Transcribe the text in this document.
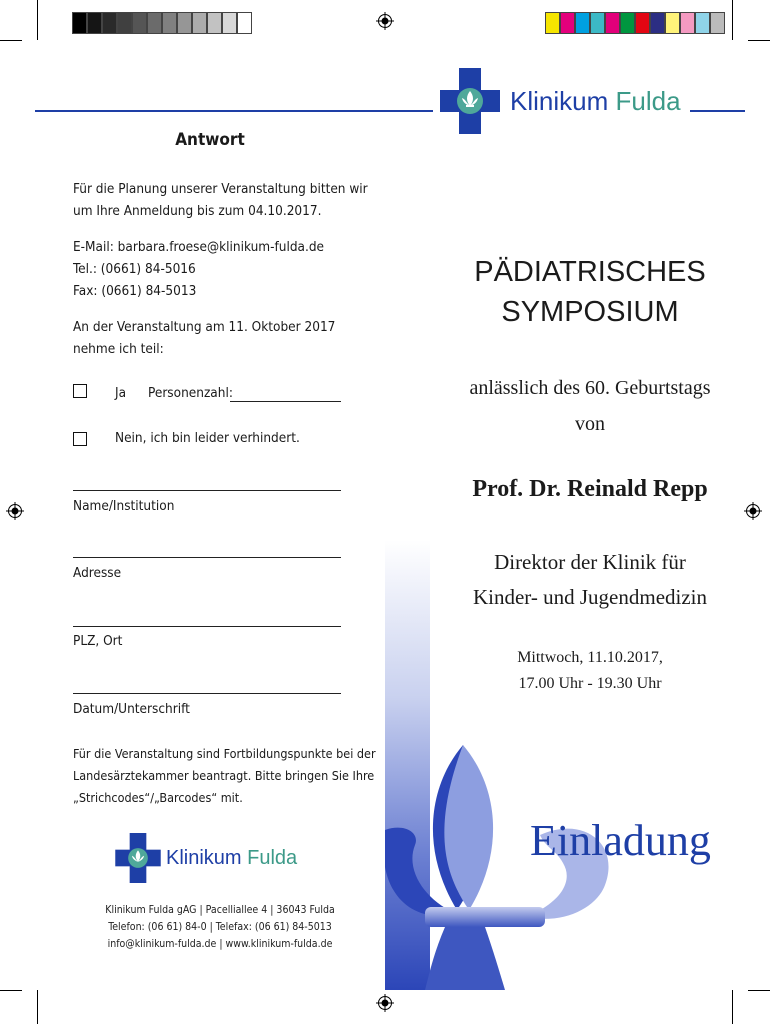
Klinikum Fulda
Antwort
Für die Planung unserer Veranstaltung bitten wir
um Ihre Anmeldung bis zum 04.10.2017.
E-Mail: barbara.froese@klinikum-fulda.de
Tel.: (0661) 84-5016
Fax: (0661) 84-5013
An der Veranstaltung am 11. Oktober 2017
nehme ich teil:
Ja Personenzahl:
Nein, ich bin leider verhindert.
Name/Institution
Adresse
PLZ, Ort
Datum/Unterschrift
Für die Veranstaltung sind Fortbildungspunkte bei der
Landesärztekammer beantragt. Bitte bringen Sie Ihre
„Strichcodes“/„Barcodes“ mit.
Klinikum Fulda
Klinikum Fulda gAG | Pacelliallee 4 | 36043 Fulda
Telefon: (06 61) 84-0 | Telefax: (06 61) 84-5013
info@klinikum-fulda.de | www.klinikum-fulda.de
PÄDIATRISCHES
SYMPOSIUM
anlässlich des 60. Geburtstags
von
Prof. Dr. Reinald Repp
Direktor der Klinik für
Kinder- und Jugendmedizin
Mittwoch, 11.10.2017,
17.00 Uhr - 19.30 Uhr
Einladung
